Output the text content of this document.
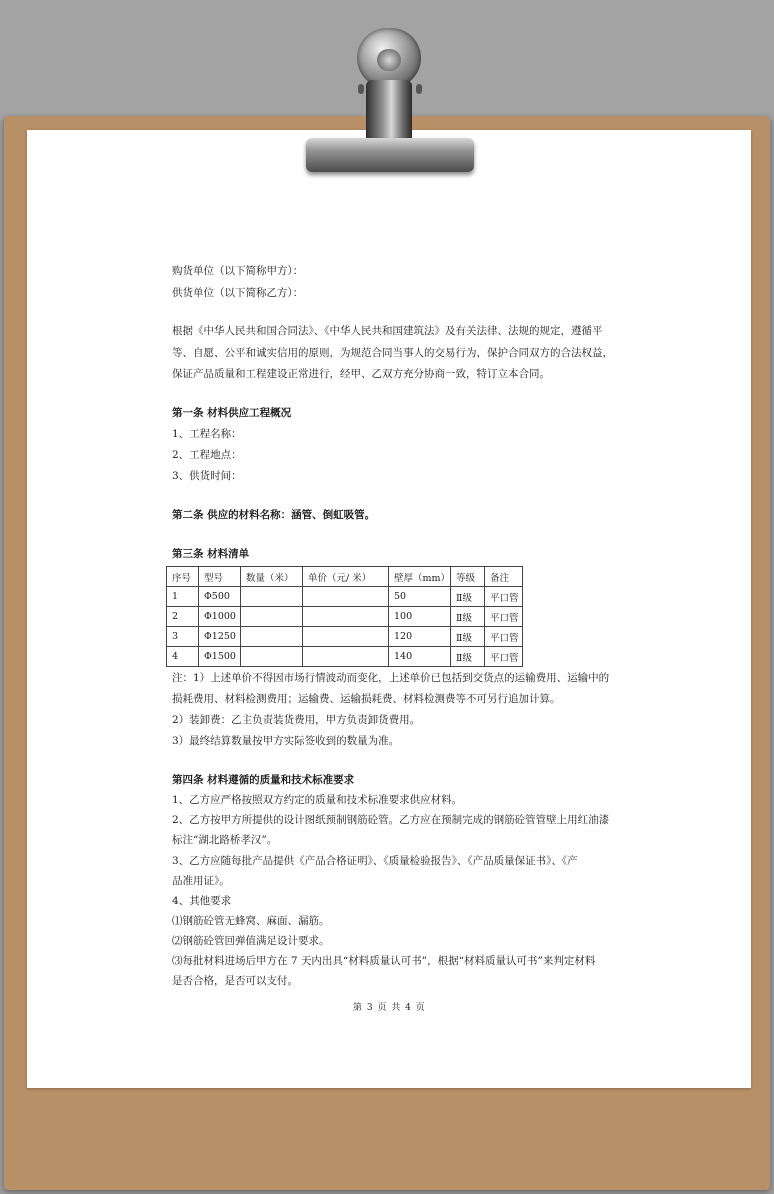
购货单位（以下简称甲方）：
供货单位（以下简称乙方）：
根据《中华人民共和国合同法》、《中华人民共和国建筑法》及有关法律、法规的规定，遵循平
等、自愿、公平和诚实信用的原则，为规范合同当事人的交易行为，保护合同双方的合法权益，
保证产品质量和工程建设正常进行，经甲、乙双方充分协商一致，特订立本合同。
第一条 材料供应工程概况
1、工程名称：
2、工程地点：
3、供货时间：
第二条 供应的材料名称：涵管、倒虹吸管。
第三条 材料清单
注：1）上述单价不得因市场行情波动而变化，上述单价已包括到交货点的运输费用、运输中的
损耗费用、材料检测费用；运输费、运输损耗费、材料检测费等不可另行追加计算。
2）装卸费：乙主负责装货费用，甲方负责卸货费用。
3）最终结算数量按甲方实际签收到的数量为准。
第四条 材料遵循的质量和技术标准要求
1、乙方应严格按照双方约定的质量和技术标准要求供应材料。
2、乙方按甲方所提供的设计图纸预制钢筋砼管。乙方应在预制完成的钢筋砼管管壁上用红油漆
标注“湖北路桥孝汉”。
3、乙方应随每批产品提供《产品合格证明》、《质量检验报告》、《产品质量保证书》、《产
品准用证》。
4、其他要求
⑴钢筋砼管无蜂窝、麻面、漏筋。
⑵钢筋砼管回弹值满足设计要求。
⑶每批材料进场后甲方在 7 天内出具“材料质量认可书”，根据“材料质量认可书”来判定材料
是否合格，是否可以支付。
序号	型号	数量（米）	单价（元/ 米）	壁厚（mm）	等级	备注
1	Φ500			50	Ⅱ级	平口管
2	Φ1000			100	Ⅱ级	平口管
3	Φ1250			120	Ⅱ级	平口管
4	Φ1500			140	Ⅱ级	平口管
第 3 页 共 4 页
